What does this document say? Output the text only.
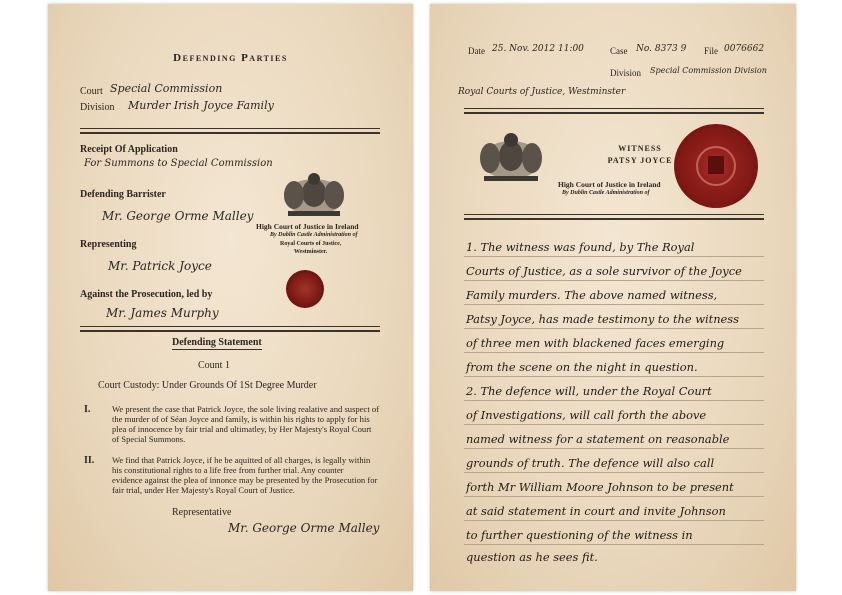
Defending Parties
Court Special Commission
Division Murder Irish Joyce Family
Receipt Of Application
For Summons to Special Commission
Defending Barrister
Mr. George Orme Malley
Representing
Mr. Patrick Joyce
Against the Prosecution, led by
Mr. James Murphy
High Court of Justice in Ireland
By Dublin Castle Administration of
Royal Courts of Justice,
Westminster.
Defending Statement
Count 1
Court Custody: Under Grounds Of 1St Degree Murder
I.	We present the case that Patrick Joyce, the sole living realative and suspect of
the murder of of Séan Joyce and family, is within his rights to apply for his
plea of innocence by fair trial and ultimatley, by Her Majesty's Royal Court
of Special Summons.
II. We find that Patrick Joyce, if he be aquitted of all charges, is legally within
his constitutional rights to a life free from further trial. Any counter
evidence against the plea of innonce may be presented by the Prosecution for
fair trial, under Her Majesty's Royal Court of Justice.
Representative
Mr. George Orme Malley
Date 25. Nov. 2012 11:00	Case No. 8373 9 File 0076662
Division Special Commission Division
Royal Courts of Justice, Westminster
WITNESS
PATSY JOYCE
High Court of Justice in Ireland
By Dublin Castle Administration of
1. The witness was found, by The Royal
Courts of Justice, as a sole survivor of the Joyce
Family murders. The above named witness,
Patsy Joyce, has made testimony to the witness
of three men with blackened faces emerging
from the scene on the night in question.
2. The defence will, under the Royal Court
of Investigations, will call forth the above
named witness for a statement on reasonable
grounds of truth. The defence will also call
forth Mr William Moore Johnson to be present
at said statement in court and invite Johnson
to further questioning of the witness in
question as he sees fit.
